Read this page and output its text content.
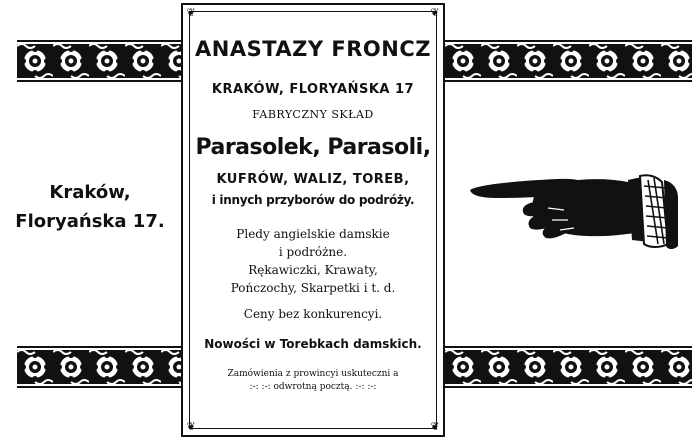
Kraków,
Floryańska 17.
❦	❦
❦	❦
ANASTAZY FRONCZ
KRAKÓW, FLORYAŃSKA 17
FABRYCZNY SKŁAD
Parasolek, Parasoli,
KUFRÓW, WALIZ, TOREB,
i innych przyborów do podróży.
Pledy angielskie damskie
i podróżne.
Rękawiczki, Krawaty,
Pończochy, Skarpetki i t. d.
Ceny bez konkurencyi.
Nowości w Torebkach damskich.
Zamówienia z prowincyi uskuteczni a
:-: :-: odwrotną pocztą. :-: :-:
